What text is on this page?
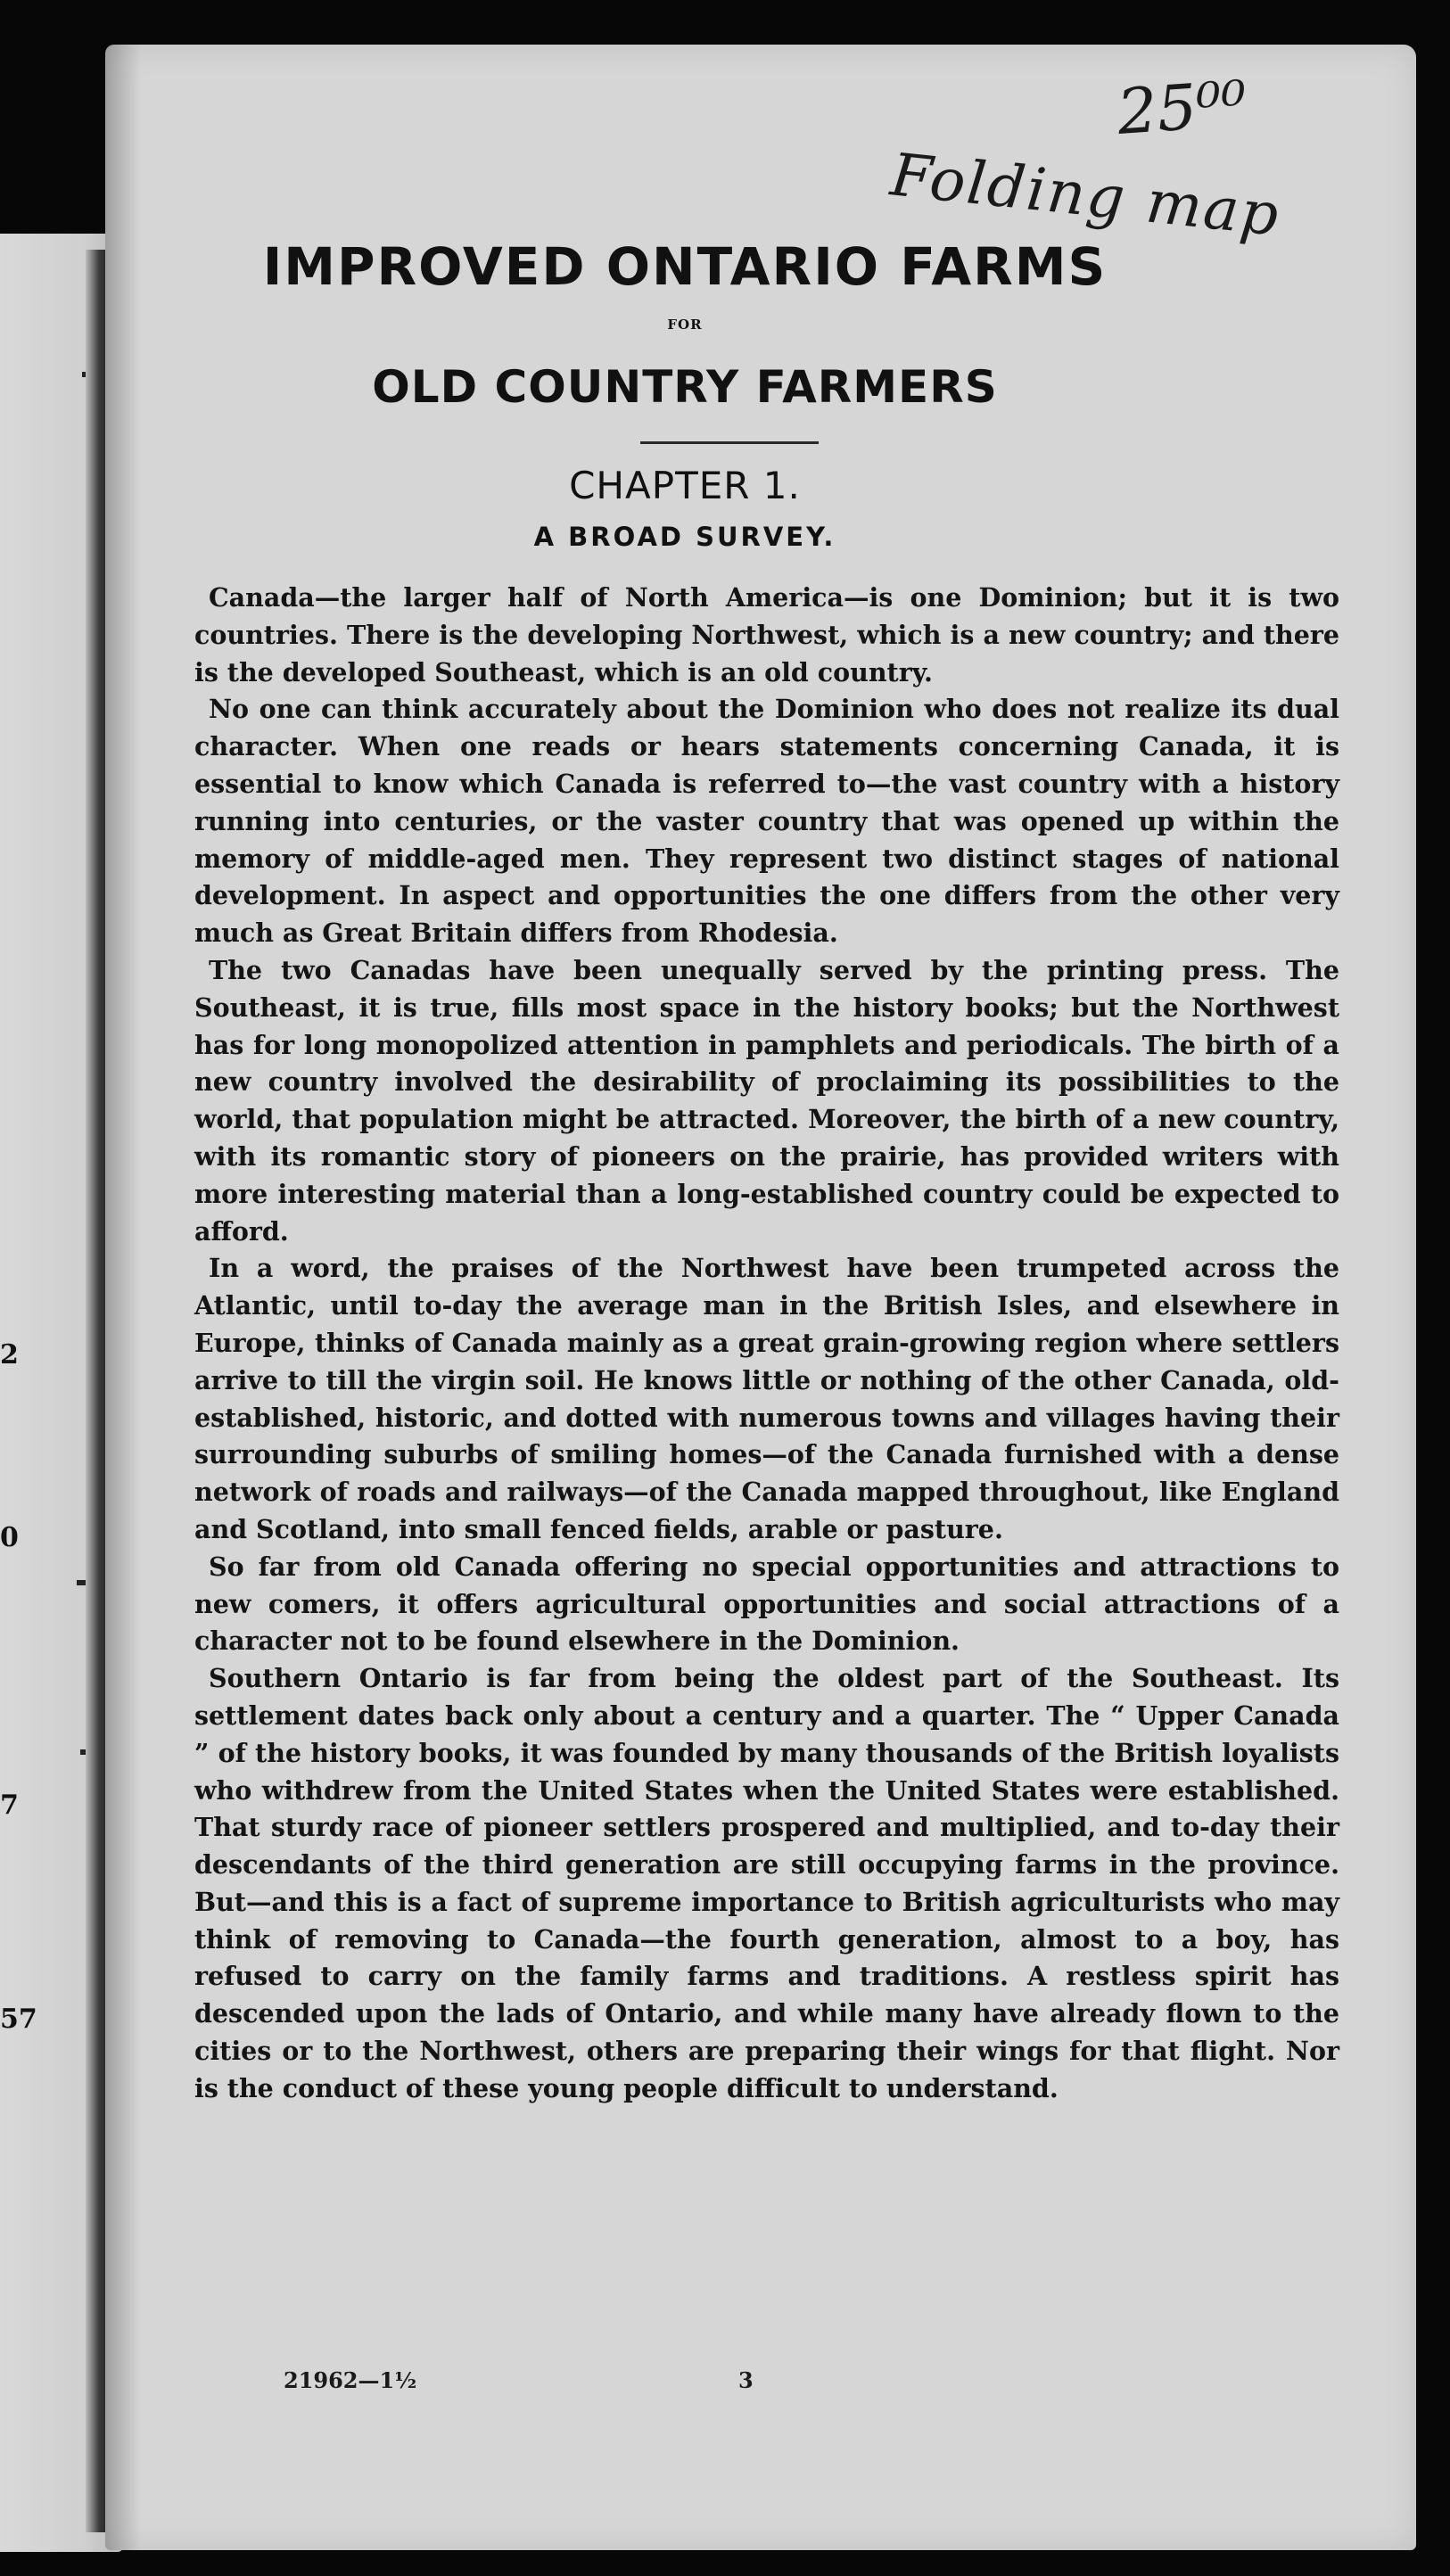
2
0
7
57
25⁰⁰
Folding map
IMPROVED ONTARIO FARMS
FOR
OLD COUNTRY FARMERS
CHAPTER 1.
A BROAD SURVEY.

Canada—the larger half of North America—is one Dominion; but it is two countries. There is the developing Northwest, which is a new country; and there is the developed Southeast, which is an old country.

No one can think accurately about the Dominion who does not realize its dual character. When one reads or hears statements concerning Canada, it is essential to know which Canada is referred to—the vast country with a history running into centuries, or the vaster country that was opened up within the memory of middle-aged men. They represent two distinct stages of national development. In aspect and opportunities the one differs from the other very much as Great Britain differs from Rhodesia.

The two Canadas have been unequally served by the printing press. The Southeast, it is true, fills most space in the history books; but the Northwest has for long monopolized attention in pamphlets and periodicals. The birth of a new country involved the desirability of proclaiming its possibilities to the world, that population might be attracted. Moreover, the birth of a new country, with its romantic story of pioneers on the prairie, has provided writers with more interesting material than a long-established country could be expected to afford.

In a word, the praises of the Northwest have been trumpeted across the Atlantic, until to-day the average man in the British Isles, and elsewhere in Europe, thinks of Canada mainly as a great grain-growing region where settlers arrive to till the virgin soil. He knows little or nothing of the other Canada, old-established, historic, and dotted with numerous towns and villages having their surrounding suburbs of smiling homes—of the Canada furnished with a dense network of roads and railways—of the Canada mapped throughout, like England and Scotland, into small fenced fields, arable or pasture.

So far from old Canada offering no special opportunities and attractions to new comers, it offers agricultural opportunities and social attractions of a character not to be found elsewhere in the Dominion.

Southern Ontario is far from being the oldest part of the Southeast. Its settlement dates back only about a century and a quarter. The “ Upper Canada ” of the history books, it was founded by many thousands of the British loyalists who withdrew from the United States when the United States were established. That sturdy race of pioneer settlers prospered and multiplied, and to-day their descendants of the third generation are still occupying farms in the province. But—and this is a fact of supreme importance to British agriculturists who may think of removing to Canada—the fourth generation, almost to a boy, has refused to carry on the family farms and traditions. A restless spirit has descended upon the lads of Ontario, and while many have already flown to the cities or to the Northwest, others are preparing their wings for that flight. Nor is the conduct of these young people difficult to understand.

21962—1½	3
